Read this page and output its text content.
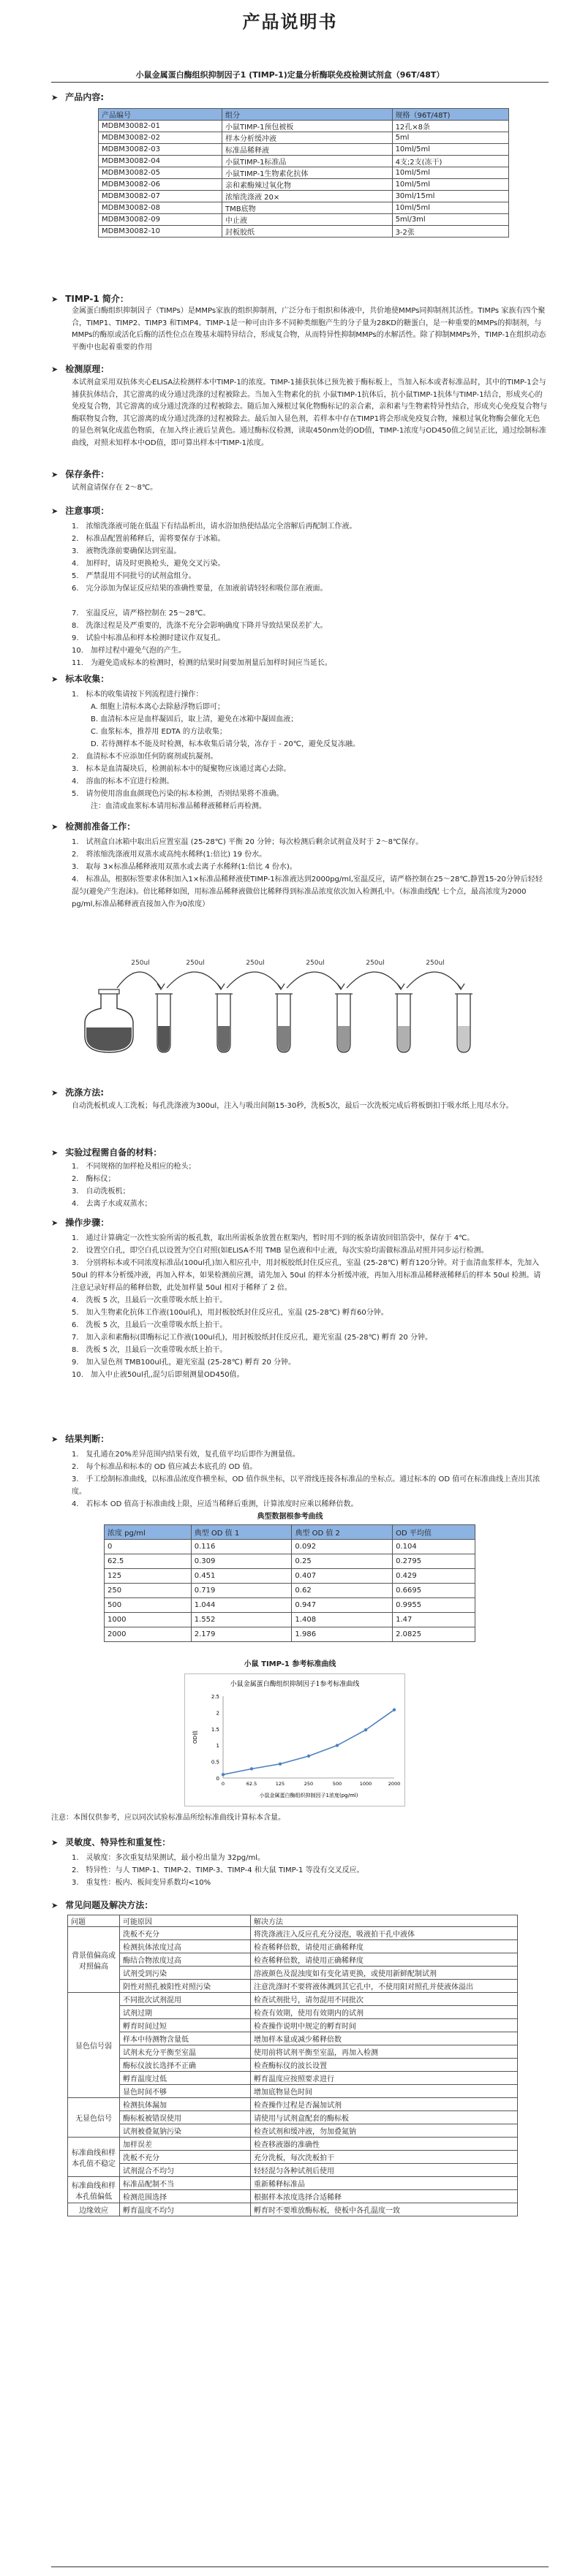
产品说明书
小鼠金属蛋白酶组织抑制因子1 (TIMP-1)定量分析酶联免疫检测试剂盒（96T/48T）
➤ 产品内容:
产品编号	组分	规格（96T/48T)
MDBM30082-01	小鼠TIMP-1预包被板	12孔×8条
MDBM30082-02	样本分析缓冲液	5ml
MDBM30082-03	标准品稀释液	10ml/5ml
MDBM30082-04	小鼠TIMP-1标准品	4支;2支(冻干)
MDBM30082-05	小鼠TIMP-1生物素化抗体	10ml/5ml
MDBM30082-06	亲和素酶辣过氧化物	10ml/5ml
MDBM30082-07	浓缩洗涤液 20×	30ml/15ml
MDBM30082-08	TMB底物	10ml/5ml
MDBM30082-09	中止液	5ml/3ml
MDBM30082-10	封板胶纸	3-2张
➤ TIMP-1 简介：
金属蛋白酶组织抑制因子（TIMPs）是MMPs家族的组织抑制剂，广泛分布于组织和体液中，共价地使MMPs同抑制剂其活性。TIMPs 家族有四个聚合，TIMP1、TIMP2、TIMP3 和TIMP4。TIMP-1是一种可由许多不同种类细胞产生的分子量为28KD的糖蛋白，是一种重要的MMPs的抑制剂，与MMPs的酶原或活化后酶的活性位点在羧基末端特异结合，形成复合物，从而特异性抑制MMPs的水解活性。除了抑制MMPs外，TIMP-1在组织动态平衡中也起着重要的作用
➤ 检测原理：
本试剂盒采用双抗体夹心ELISA法检测样本中TIMP-1的浓度。TIMP-1捕获抗体已预先被于酶标板上，当加入标本或者标准品时，其中的TIMP-1会与捕获抗体结合，其它游离的成分通过洗涤的过程被除去。当加入生物素化的抗 小鼠TIMP-1抗体后，抗小鼠TIMP-1抗体与TIMP-1结合，形成夹心的免疫复合物，其它游离的成分通过洗涤的过程被除去。随后加入辣根过氧化物酶标记的亲合素，亲和素与生物素特异性结合，形成夹心免疫复合物与酶联物复合物，其它游离的成分通过洗涤的过程被除去。最后加入显色剂，若样本中存在TIMP1将会形成免疫复合物，辣根过氧化物酶会催化无色的显色剂氧化成蓝色物质，在加入终止液后呈黄色。通过酶标仪检测，读取450nm处的OD值，TIMP-1浓度与OD450值之间呈正比，通过绘制标准曲线，对照未知样本中OD值，即可算出样本中TIMP-1浓度。
➤ 保存条件：
试剂盒请保存在 2～8℃。
➤ 注意事项：
1.　浓缩洗涤液可能在低温下有结晶析出，请水浴加热使结晶完全溶解后再配制工作液。
2.　标准品配置前稀释后，需将要保存于冰箱。
3.　液物洗涤前要确保达到室温。
4.　加样时，请及时更换枪头，避免交叉污染。
5.　严禁混用不同批号的试剂盒组分。
6.　完分添加为保证反应结果的准确性要量，在加液前请轻轻和吸位部在液面。

7.　室温反应，请严格控制在 25～28℃。
8.　洗涤过程是及严重要的，洗涤不充分会影响确度下降并导致结果误差扩大。
9.　试验中标准品和样本检测时建议作双复孔。
10.　加样过程中避免气泡的产生。
11.　为避免造成标本的检测时，检测的结果时间要加剂量后加样时间应当延长。
➤ 标本收集：
1.　标本的收集请按下列流程进行操作：
A. 细胞上清标本离心去除悬浮物后即可；
B. 血清标本应是血样凝固后，取上清，避免在冰箱中凝固血液；
C. 血浆标本，推荐用 EDTA 的方法收集；
D. 若待测样本不能及时检测，标本收集后请分装，冻存于 - 20℃，避免反复冻融。
2.　血清标本不应添加任何防腐剂或抗凝剂。
3.　标本是血清凝块后，检测前标本中的疑聚物应该通过离心去除。
4.　溶血的标本不宜进行检测。
5.　请勿使用溶血血颜现色污染的标本检测，否则结果将不准确。
注：血清或血浆标本请用标准品稀释液稀释后再检测。
➤ 检测前准备工作：
1.　试剂盒自冰箱中取出后应置室温 (25-28℃) 平衡 20 分钟；每次检测后剩余试剂盒及时于 2～8℃保存。
2.　将浓缩洗涤液用双蒸水或高纯水稀释(1:倍比) 19 份水。
3.　取每 3×标准品稀释液用双蒸水或去离子水稀释(1:倍比 4 份水)。
4.　标准品，根据标签要求体积加入1×标准品稀释液使TIMP-1标准液达到2000pg/ml,室温反应，请严格控制在25～28℃,静置15-20分钟后轻轻混匀(避免产生泡沫)。倍比稀释如图，用标准品稀释液做倍比稀释得到标准品浓度依次加入检测孔中。（标准曲线配 七个点，最高浓度为2000 pg/ml,标准品稀释液直接加入作为0浓度）
250ul	250ul	250ul	250ul	250ul	250ul
➤ 洗涤方法:
自动洗板机或人工洗板；每孔洗涤液为300ul，注入与吸出间隔15-30秒，洗板5次，最后一次洗板完成后将板倒扣于吸水纸上甩尽水分。
➤ 实验过程需自备的材料：
1.　不同规格的加样枪及相应的枪头；
2.　酶标仪；
3.　自动洗板机；
4.　去离子水或双蒸水；
➤ 操作步骤：
1.　通过计算确定一次性实验所需的板孔数，取出所需板条放置在框架内，暂时用不到的板条请放回铝箔袋中，保存于 4℃。
2.　设置空白孔，即空白孔以设置为空白对照(如ELISA不用 TMB 显色液和中止液，每次实验均需做标准品对照并同步运行检测。
3.　分别将标本或不同浓度标准品(100ul孔)加入相应孔中，用封板胶纸封住反应孔，室温 (25-28℃) 孵育120分钟。对于血清血浆样本，先加入 50ul 的样本分析缓冲液，再加入样本，如果检测前应测，请先加入 50ul 的样本分析缓冲液，再加入用标准品稀释液稀释后的样本 50ul 检测。请注意记录好样品的稀释倍数，此处加样量 50ul 相对于稀释了 2 倍。
4.　洗板 5 次，且最后一次重带吸水纸上拍干。
5.　加入生物素化抗体工作液(100ul孔)，用封板胶纸封住反应孔，室温 (25-28℃) 孵育60分钟。
6.　洗板 5 次，且最后一次重带吸水纸上拍干。
7.　加入亲和素酶标(即酶标记工作液(100ul孔)，用封板胶纸封住反应孔，避光室温 (25-28℃) 孵育 20 分钟。
8.　洗板 5 次，且最后一次重带吸水纸上拍干。
9.　加入显色剂 TMB100ul孔，避光室温 (25-28℃) 孵育 20 分钟。
10.　加入中止液50ul孔,混匀后即刻测量OD450值。
➤ 结果判断：
1.　复孔通在20%差异范围内结果有效，复孔值平均后即作为测量值。
2.　每个标准品和标本的 OD 值应减去本底孔的 OD 值。
3.　手工绘制标准曲线，以标准品浓度作横坐标，OD 值作纵坐标，以平滑线连接各标准品的坐标点。通过标本的 OD 值可在标准曲线上查出其浓度。
4.　若标本 OD 值高于标准曲线上限，应适当稀释后重测，计算浓度时应乘以稀释倍数。
典型数据根参考曲线
浓度 pg/ml	典型 OD 值 1	典型 OD 值 2	OD 平均值
0	0.116	0.092	0.104
62.5	0.309	0.25	0.2795
125	0.451	0.407	0.429
250	0.719	0.62	0.6695
500	1.044	0.947	0.9955
1000	1.552	1.408	1.47
2000	2.179	1.986	2.0825
小鼠 TIMP-1 参考标准曲线
小鼠金属蛋白酶组织抑制因子1参考标准曲线
0
0.5
1
1.5
2
2.5
0	62.5	125	250	500	1000	2000
小鼠金属蛋白酶组织抑制因子1浓度(pg/ml)
OD值
注意：本图仅供参考，应以同次试验标准品所绘标准曲线计算标本含量。
➤ 灵敏度、特异性和重复性：
1.　灵敏度：多次重复结果测试，最小检出量为 32pg/ml。
2.　特异性：与人 TIMP-1、TIMP-2、TIMP-3、TIMP-4 和大鼠 TIMP-1 等没有交叉反应。
3.　重复性：板内、板间变异系数均<10%
➤ 常见问题及解决方法：
问题	可能原因	解决方法
背景值偏高或对照偏高	洗板不充分	将洗涤液注入反应孔充分浸泡，吸液拍干孔中液体
	检测抗体浓度过高	检查稀释倍数，请使用正确稀释度
	酶结合物浓度过高	检查稀释倍数，请使用正确稀释度
	试剂受到污染	溶液颜色及混浊度如有变化请更换，或使用新鲜配制试剂
	阴性对照孔被阳性对照污染	注意洗涤时不要将液体溅到其它孔中，不使用阳对照孔并使液体溢出
显色信号弱	不同批次试剂混用	检查试剂批号，请勿混用不同批次
	试剂过期	检查有效期，使用有效期内的试剂
	孵育时间过短	检查操作说明中规定的孵育时间
	样本中待测物含量低	增加样本量或减少稀释倍数
	试剂未充分平衡至室温	使用前将试剂平衡至室温，再加入检测
	酶标仪波长选择不正确	检查酶标仪的波长设置
	孵育温度过低	孵育温度应按照要求进行
	显色时间不够	增加底物显色时间
无显色信号	检测抗体漏加	检查操作过程是否漏加试剂
	酶标板被错误使用	请使用与试剂盒配套的酶标板
	试剂被叠氮钠污染	检查试剂和缓冲液，勿加叠氮钠
标准曲线和样本孔值不稳定	加样误差	检查移液器的准确性
	洗板不充分	充分洗板，每次洗板拍干
	试剂混合不均匀	轻轻混匀各种试剂后使用
标准曲线和样本孔值偏低	标准品配制不当	重新稀释标准品
	检测范围选择	根据样本浓度选择合适稀释
边缘效应	孵育温度不均匀	孵育时不要堆放酶标板，使板中各孔温度一致
